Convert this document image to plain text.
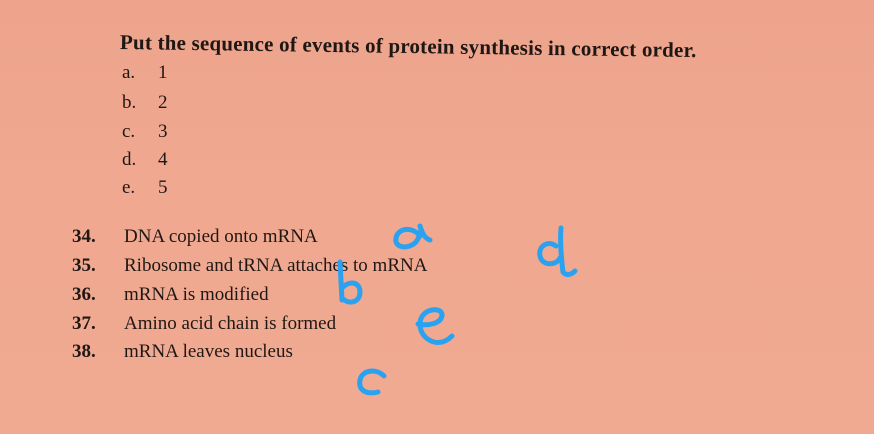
Put the sequence of events of protein synthesis in correct order.
a. 1
b. 2
c. 3
d. 4
e. 5
34. DNA copied onto mRNA
35. Ribosome and tRNA attaches to mRNA
36. mRNA is modified
37. Amino acid chain is formed
38. mRNA leaves nucleus
